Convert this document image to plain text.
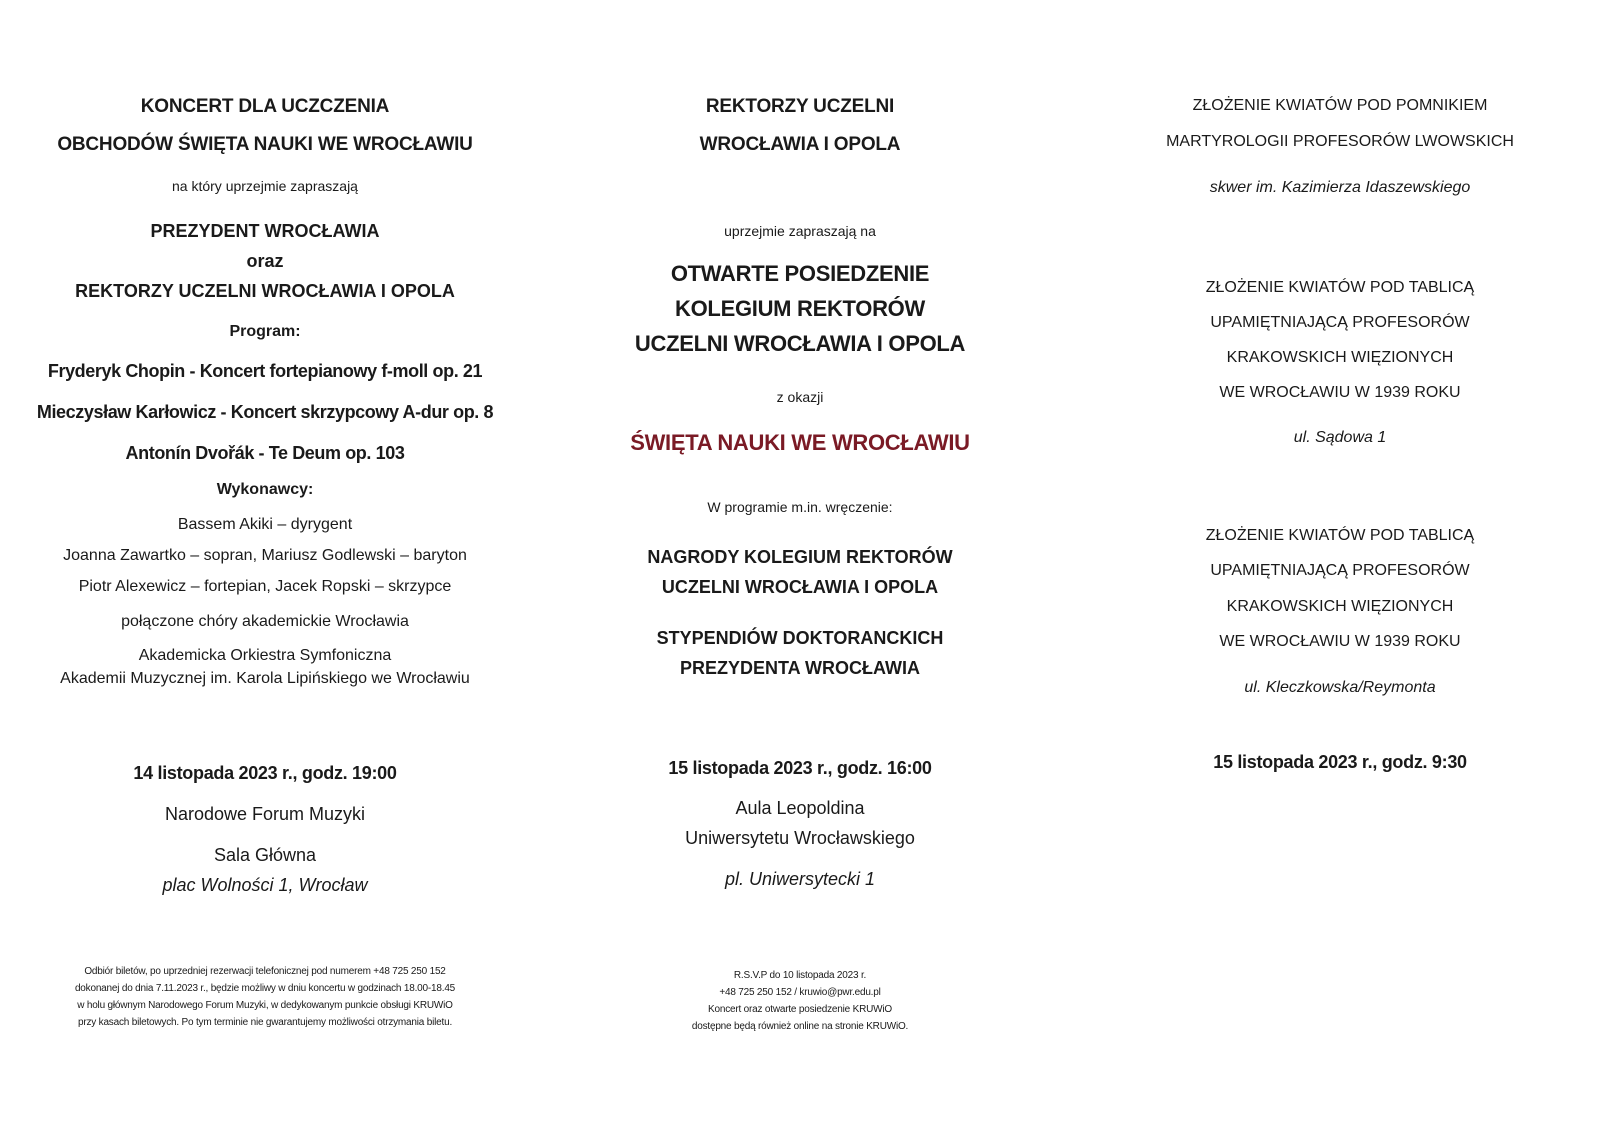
KONCERT DLA UCZCZENIA

OBCHODÓW ŚWIĘTA NAUKI WE WROCŁAWIU

na który uprzejmie zapraszają

PREZYDENT WROCŁAWIA

oraz

REKTORZY UCZELNI WROCŁAWIA I OPOLA

Program:

Fryderyk Chopin - Koncert fortepianowy f-moll op. 21

Mieczysław Karłowicz - Koncert skrzypcowy A-dur op. 8

Antonín Dvořák - Te Deum op. 103

Wykonawcy:

Bassem Akiki – dyrygent

Joanna Zawartko – sopran, Mariusz Godlewski – baryton

Piotr Alexewicz – fortepian, Jacek Ropski – skrzypce

połączone chóry akademickie Wrocławia

Akademicka Orkiestra Symfoniczna

Akademii Muzycznej im. Karola Lipińskiego we Wrocławiu

14 listopada 2023 r., godz. 19:00

Narodowe Forum Muzyki

Sala Główna

plac Wolności 1, Wrocław

Odbiór biletów, po uprzedniej rezerwacji telefonicznej pod numerem +48 725 250 152
dokonanej do dnia 7.11.2023 r., będzie możliwy w dniu koncertu w godzinach 18.00-18.45
w holu głównym Narodowego Forum Muzyki, w dedykowanym punkcie obsługi KRUWiO
przy kasach biletowych. Po tym terminie nie gwarantujemy możliwości otrzymania biletu.

REKTORZY UCZELNI

WROCŁAWIA I OPOLA

uprzejmie zapraszają na

OTWARTE POSIEDZENIE

KOLEGIUM REKTORÓW

UCZELNI WROCŁAWIA I OPOLA

z okazji

ŚWIĘTA NAUKI WE WROCŁAWIU

W programie m.in. wręczenie:

NAGRODY KOLEGIUM REKTORÓW

UCZELNI WROCŁAWIA I OPOLA

STYPENDIÓW DOKTORANCKICH

PREZYDENTA WROCŁAWIA

15 listopada 2023 r., godz. 16:00

Aula Leopoldina

Uniwersytetu Wrocławskiego

pl. Uniwersytecki 1

R.S.V.P do 10 listopada 2023 r.
+48 725 250 152 / kruwio@pwr.edu.pl
Koncert oraz otwarte posiedzenie KRUWiO
dostępne będą również online na stronie KRUWiO.

ZŁOŻENIE KWIATÓW POD POMNIKIEM

MARTYROLOGII PROFESORÓW LWOWSKICH

skwer im. Kazimierza Idaszewskiego

ZŁOŻENIE KWIATÓW POD TABLICĄ

UPAMIĘTNIAJĄCĄ PROFESORÓW

KRAKOWSKICH WIĘZIONYCH

WE WROCŁAWIU W 1939 ROKU

ul. Sądowa 1

ZŁOŻENIE KWIATÓW POD TABLICĄ

UPAMIĘTNIAJĄCĄ PROFESORÓW

KRAKOWSKICH WIĘZIONYCH

WE WROCŁAWIU W 1939 ROKU

ul. Kleczkowska/Reymonta

15 listopada 2023 r., godz. 9:30
